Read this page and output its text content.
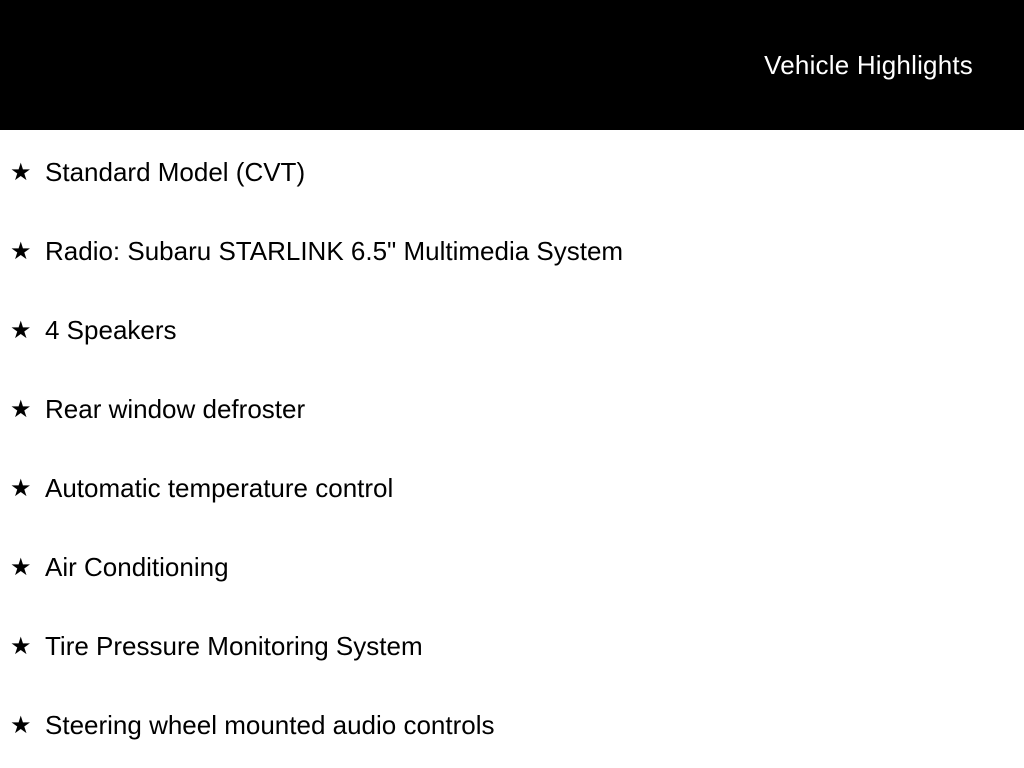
Vehicle Highlights
★ Standard Model (CVT)
★ Radio: Subaru STARLINK 6.5" Multimedia System
★ 4 Speakers
★ Rear window defroster
★ Automatic temperature control
★ Air Conditioning
★ Tire Pressure Monitoring System
★ Steering wheel mounted audio controls
